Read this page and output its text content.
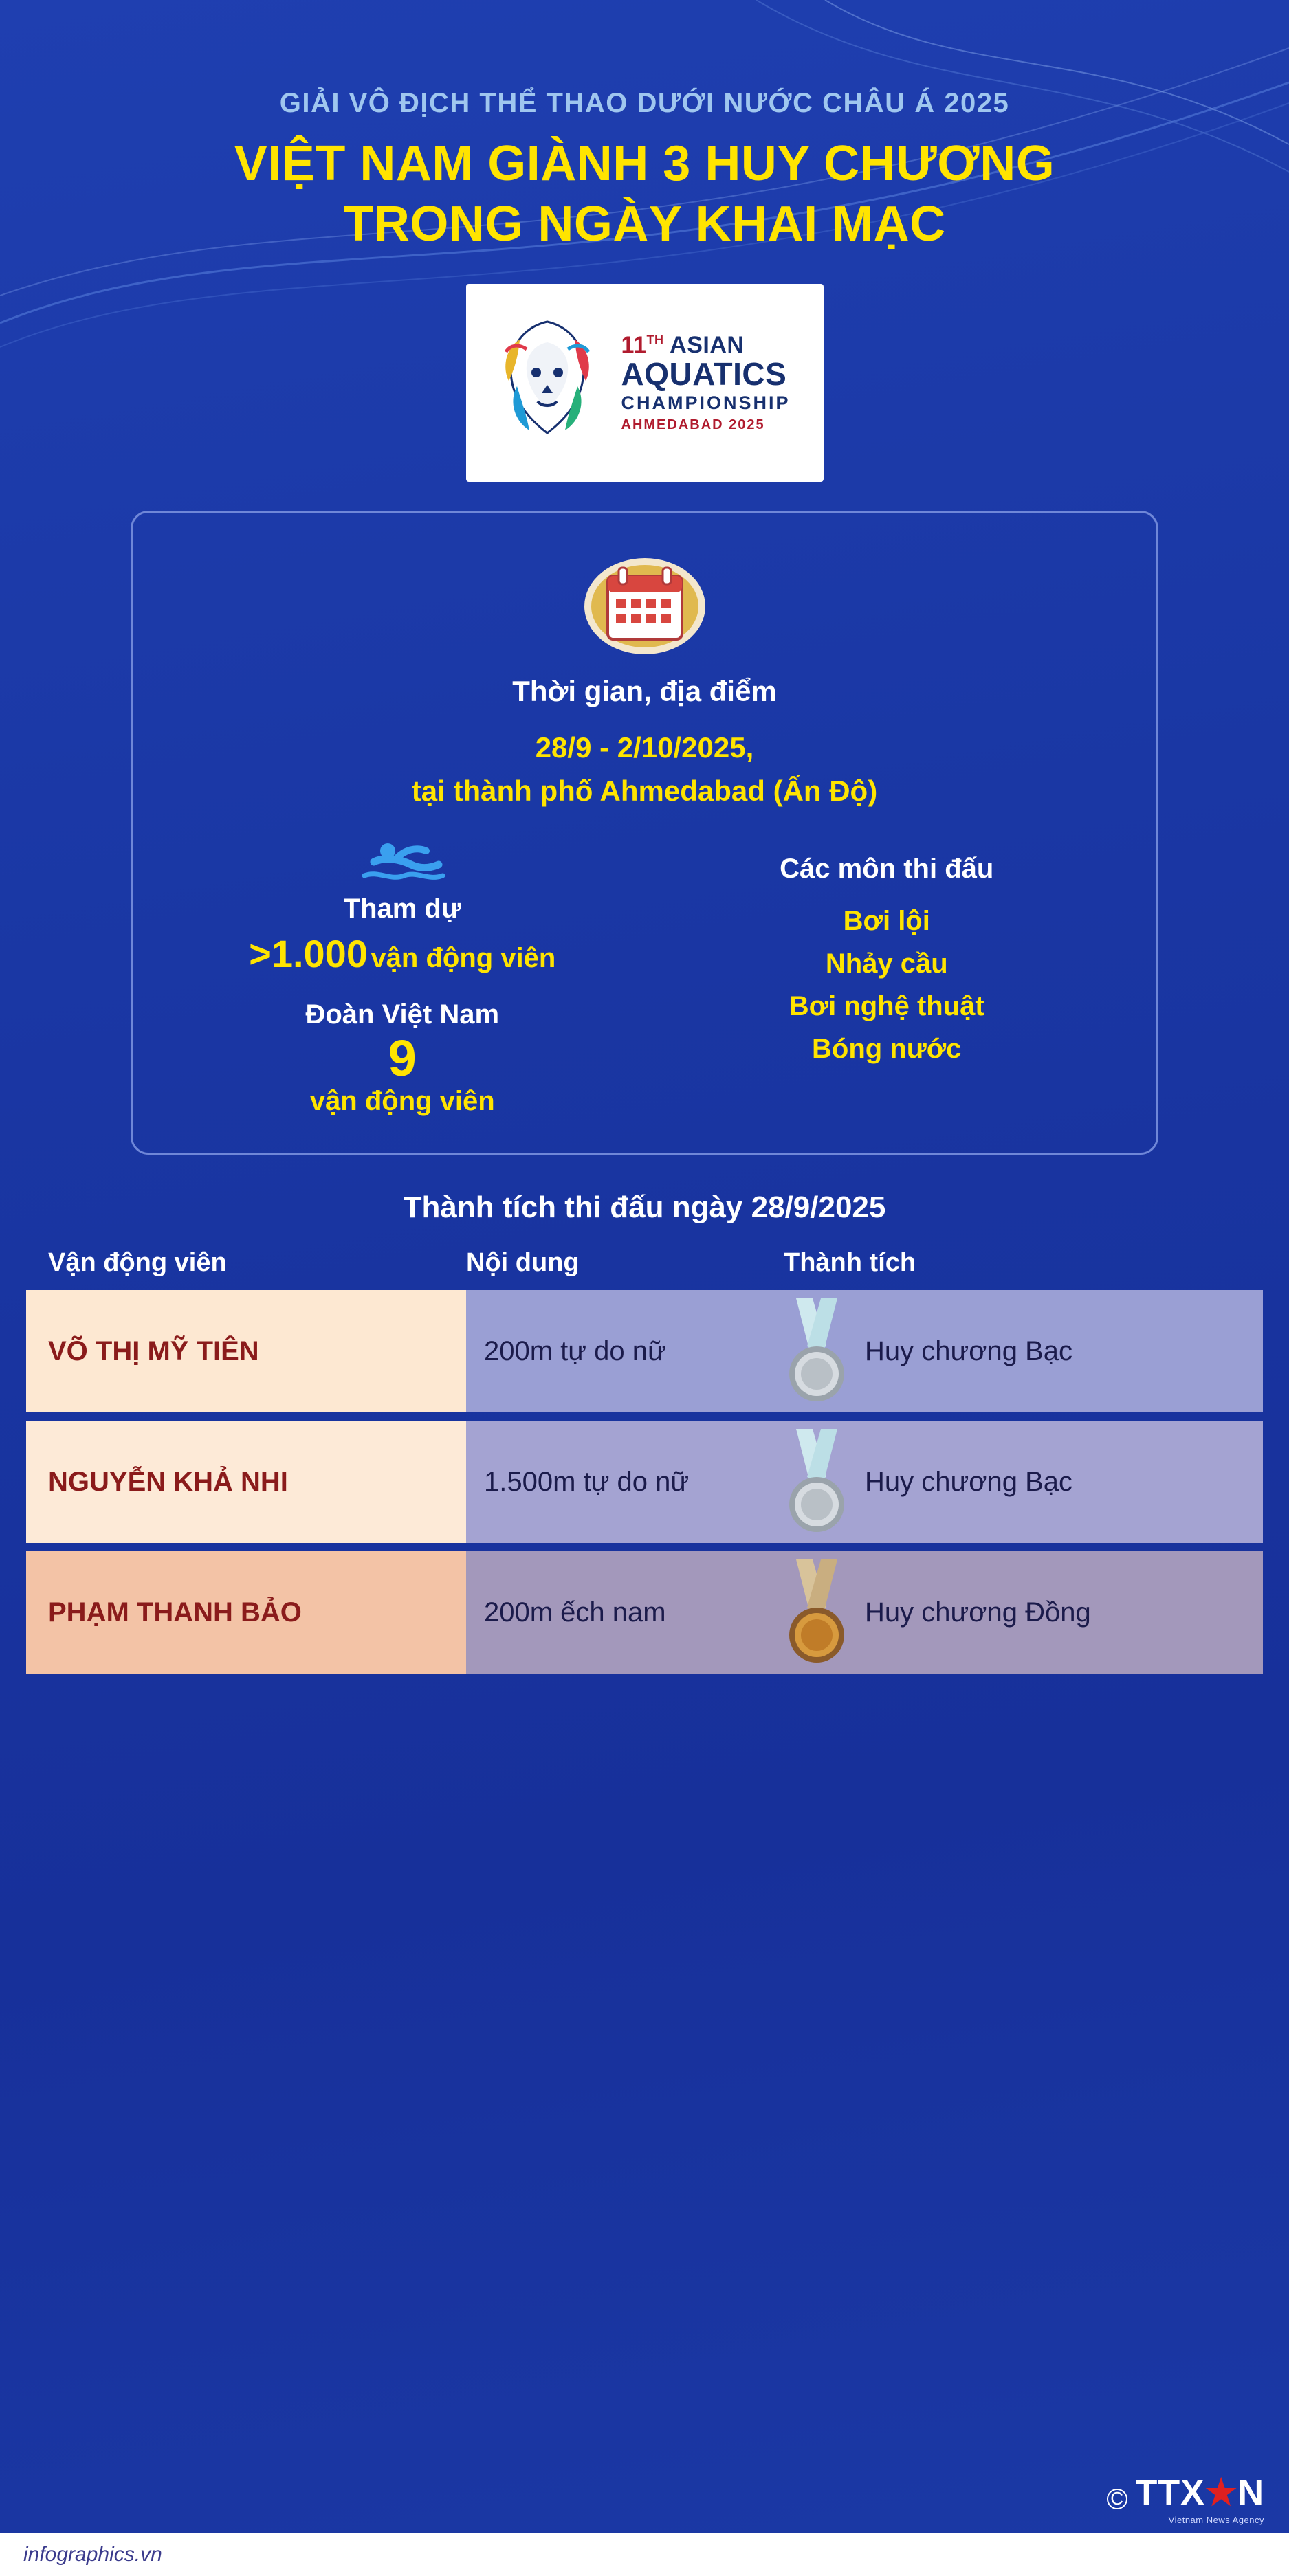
GIẢI VÔ ĐỊCH THỂ THAO DƯỚI NƯỚC CHÂU Á 2025
VIỆT NAM GIÀNH 3 HUY CHƯƠNG
TRONG NGÀY KHAI MẠC
11TH ASIAN
AQUATICS
CHAMPIONSHIP
AHMEDABAD 2025
Thời gian, địa điểm
28/9 - 2/10/2025,
tại thành phố Ahmedabad (Ấn Độ)
Tham dự
>1.000 vận động viên
Đoàn Việt Nam
9
vận động viên
Các môn thi đấu
Bơi lội
Nhảy cầu
Bơi nghệ thuật
Bóng nước
Thành tích thi đấu ngày 28/9/2025
Vận động viên	Nội dung	Thành tích
VÕ THỊ MỸ TIÊN	200m tự do nữ	Huy chương Bạc
NGUYỄN KHẢ NHI	1.500m tự do nữ	Huy chương Bạc
PHẠM THANH BẢO	200m ếch nam	Huy chương Đồng
C TTX★N
Vietnam News Agency
infographics.vn
